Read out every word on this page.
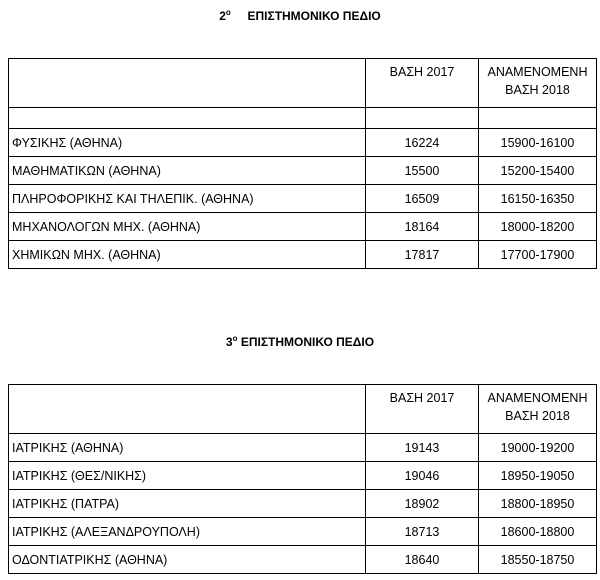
2$^o$ ΕΠΙΣΤΗΜΟΝΙΚΟ ΠΕΔΙΟ
	ΒΑΣΗ 2017	ΑΝΑΜΕΝΟΜΕΝΗ
ΒΑΣΗ 2018

ΦΥΣΙΚΗΣ (ΑΘΗΝΑ)	16224	15900-16100
ΜΑΘΗΜΑΤΙΚΩΝ (ΑΘΗΝΑ)	15500	15200-15400
ΠΛΗΡΟΦΟΡΙΚΗΣ ΚΑΙ ΤΗΛΕΠΙΚ. (ΑΘΗΝΑ)	16509	16150-16350
ΜΗΧΑΝΟΛΟΓΩΝ ΜΗΧ. (ΑΘΗΝΑ)	18164	18000-18200
ΧΗΜΙΚΩΝ ΜΗΧ. (ΑΘΗΝΑ)	17817	17700-17900
$3^o$ ΕΠΙΣΤΗΜΟΝΙΚΟ ΠΕΔΙΟ
	ΒΑΣΗ 2017	ΑΝΑΜΕΝΟΜΕΝΗ
ΒΑΣΗ 2018

ΙΑΤΡΙΚΗΣ (ΑΘΗΝΑ)	19143	19000-19200
ΙΑΤΡΙΚΗΣ (ΘΕΣ/ΝΙΚΗΣ)	19046	18950-19050
ΙΑΤΡΙΚΗΣ (ΠΑΤΡΑ)	18902	18800-18950
ΙΑΤΡΙΚΗΣ (ΑΛΕΞΑΝΔΡΟΥΠΟΛΗ)	18713	18600-18800
ΟΔΟΝΤΙΑΤΡΙΚΗΣ (ΑΘΗΝΑ)	18640	18550-18750
